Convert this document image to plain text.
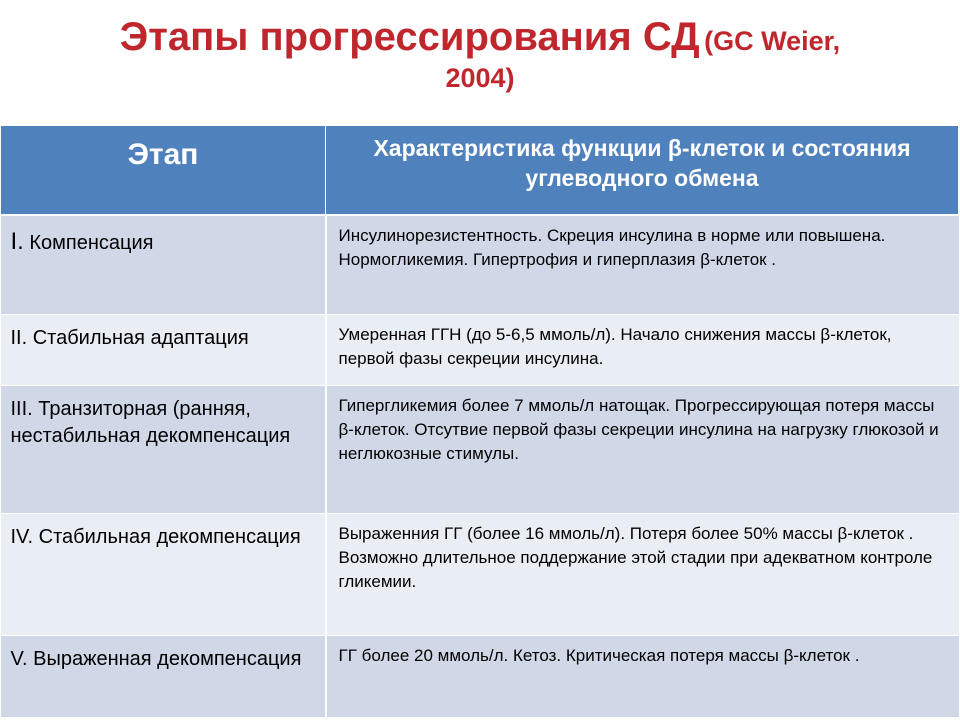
Этапы прогрессирования СД (GC Weier,
2004)
Этап	Характеристика функции β-клеток и состояния углеводного обмена
I. Компенсация	Инсулинорезистентность. Скреция инсулина в норме или повышена. Нормогликемия. Гипертрофия и гиперплазия β-клеток .
II. Стабильная адаптация	Умеренная ГГН (до 5-6,5 ммоль/л). Начало снижения массы β-клеток, первой фазы секреции инсулина.
III. Транзиторная (ранняя, нестабильная декомпенсация	Гипергликемия более 7 ммоль/л натощак. Прогрессирующая потеря массы β-клеток. Отсутвие первой фазы секреции инсулина на нагрузку глюкозой и неглюкозные стимулы.
IV. Стабильная декомпенсация	Выраженния ГГ (более 16 ммоль/л). Потеря более 50% массы β-клеток . Возможно длительное поддержание этой стадии при адекватном контроле гликемии.
V. Выраженная декомпенсация	ГГ более 20 ммоль/л. Кетоз. Критическая потеря массы β-клеток .
